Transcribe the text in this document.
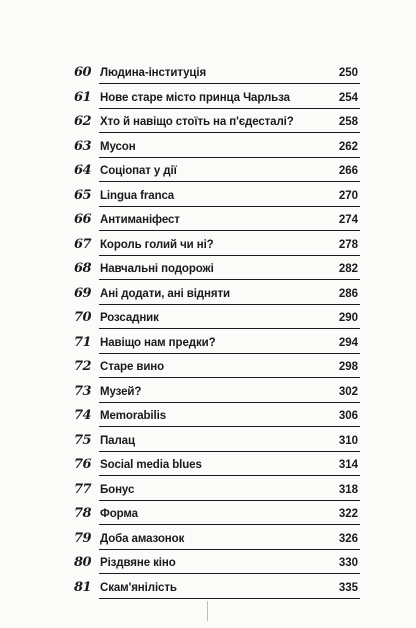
60 Людина-інституція	250
61 Нове старе місто принца Чарльза	254
62 Хто й навіщо стоїть на п'єдесталі?	258
63 Мусон	262
64 Соціопат у дії	266
65 Lingua franca	270
66 Антиманіфест	274
67 Король голий чи ні?	278
68 Навчальні подорожі	282
69 Ані додати, ані відняти	286
70 Розсадник	290
71 Навіщо нам предки?	294
72 Старе вино	298
73 Музей?	302
74 Memorabilis	306
75 Палац	310
76 Social media blues	314
77 Бонус	318
78 Форма	322
79 Доба амазонок	326
80 Різдвяне кіно	330
81 Скам'янілість	335
